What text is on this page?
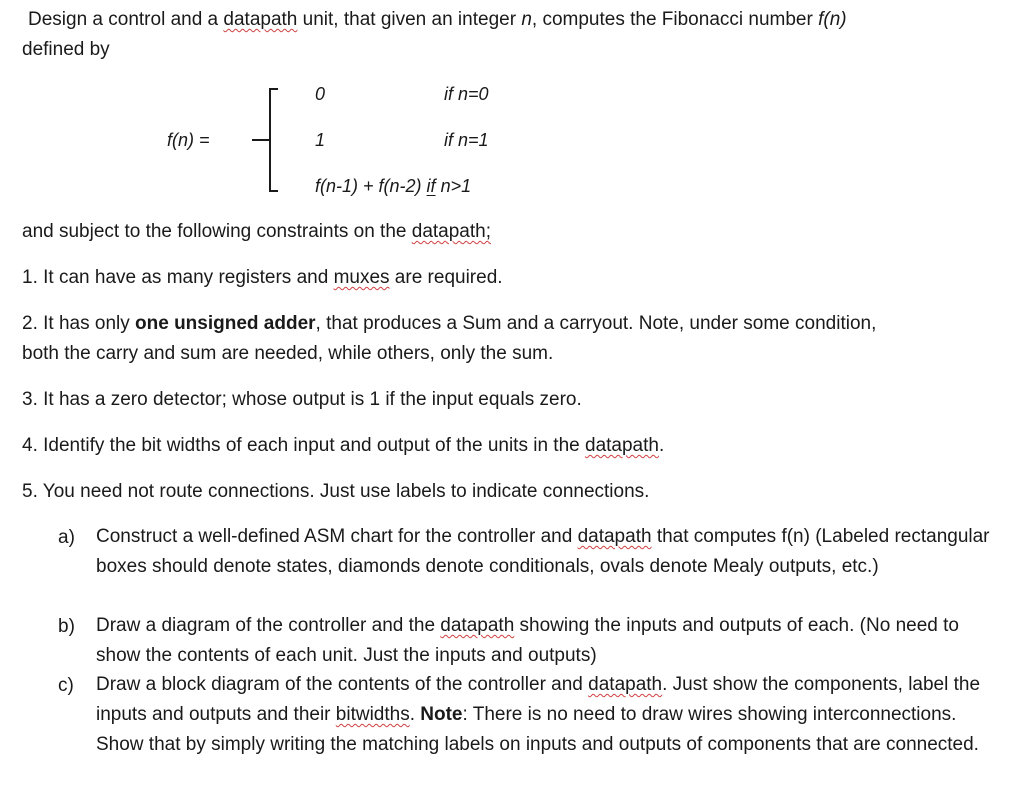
Design a control and a datapath unit, that given an integer n, computes the Fibonacci number f(n)
defined by
f(n) =
0	if n=0
1	if n=1
f(n-1) + f(n-2) if n>1
and subject to the following constraints on the datapath;
1. It can have as many registers and muxes are required.
2. It has only one unsigned adder, that produces a Sum and a carryout. Note, under some condition,
both the carry and sum are needed, while others, only the sum.
3. It has a zero detector; whose output is 1 if the input equals zero.
4. Identify the bit widths of each input and output of the units in the datapath.
5. You need not route connections. Just use labels to indicate connections.
a) Construct a well-defined ASM chart for the controller and datapath that computes f(n) (Labeled rectangular boxes should denote states, diamonds denote conditionals, ovals denote Mealy outputs, etc.)
b) Draw a diagram of the controller and the datapath showing the inputs and outputs of each. (No need to show the contents of each unit. Just the inputs and outputs)
c) Draw a block diagram of the contents of the controller and datapath. Just show the components, label the inputs and outputs and their bitwidths. Note: There is no need to draw wires showing interconnections. Show that by simply writing the matching labels on inputs and outputs of components that are connected.
